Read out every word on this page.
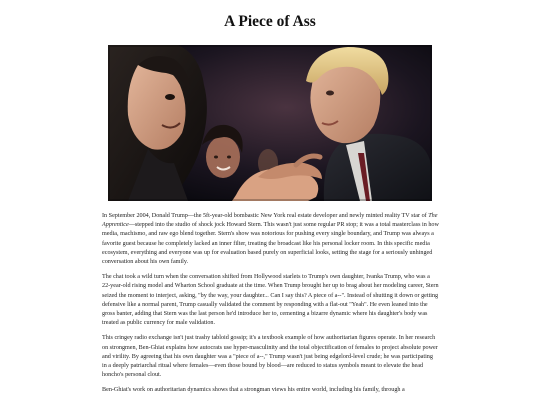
A Piece of Ass

In September 2004, Donald Trump—the 5ft-year-old bombastic New York real estate developer and newly minted reality TV star of The Apprentice—stepped into the studio of shock jock Howard Stern. This wasn't just some regular PR stop; it was a total masterclass in how media, machismo, and raw ego blend together. Stern's show was notorious for pushing every single boundary, and Trump was always a favorite guest because he completely lacked an inner filter, treating the broadcast like his personal locker room. In this specific media ecosystem, everything and everyone was up for evaluation based purely on superficial looks, setting the stage for a seriously unhinged conversation about his own family.

The chat took a wild turn when the conversation shifted from Hollywood starlets to Trump's own daughter, Ivanka Trump, who was a 22-year-old rising model and Wharton School graduate at the time. When Trump brought her up to brag about her modeling career, Stern seized the moment to interject, asking, "by the way, your daughter... Can I say this? A piece of a--". Instead of shutting it down or getting defensive like a normal parent, Trump casually validated the comment by responding with a flat-out "Yeah". He even leaned into the gross banter, adding that Stern was the last person he'd introduce her to, cementing a bizarre dynamic where his daughter's body was treated as public currency for male validation.

This cringey radio exchange isn't just trashy tabloid gossip; it's a textbook example of how authoritarian figures operate. In her research on strongmen, Ben-Ghiat explains how autocrats use hyper-masculinity and the total objectification of females to project absolute power and virility. By agreeing that his own daughter was a "piece of a--," Trump wasn't just being edgelord-level crude; he was participating in a deeply patriarchal ritual where females—even those bound by blood—are reduced to status symbols meant to elevate the head honcho's personal clout.

Ben-Ghiat's work on authoritarian dynamics shows that a strongman views his entire world, including his family, through a
